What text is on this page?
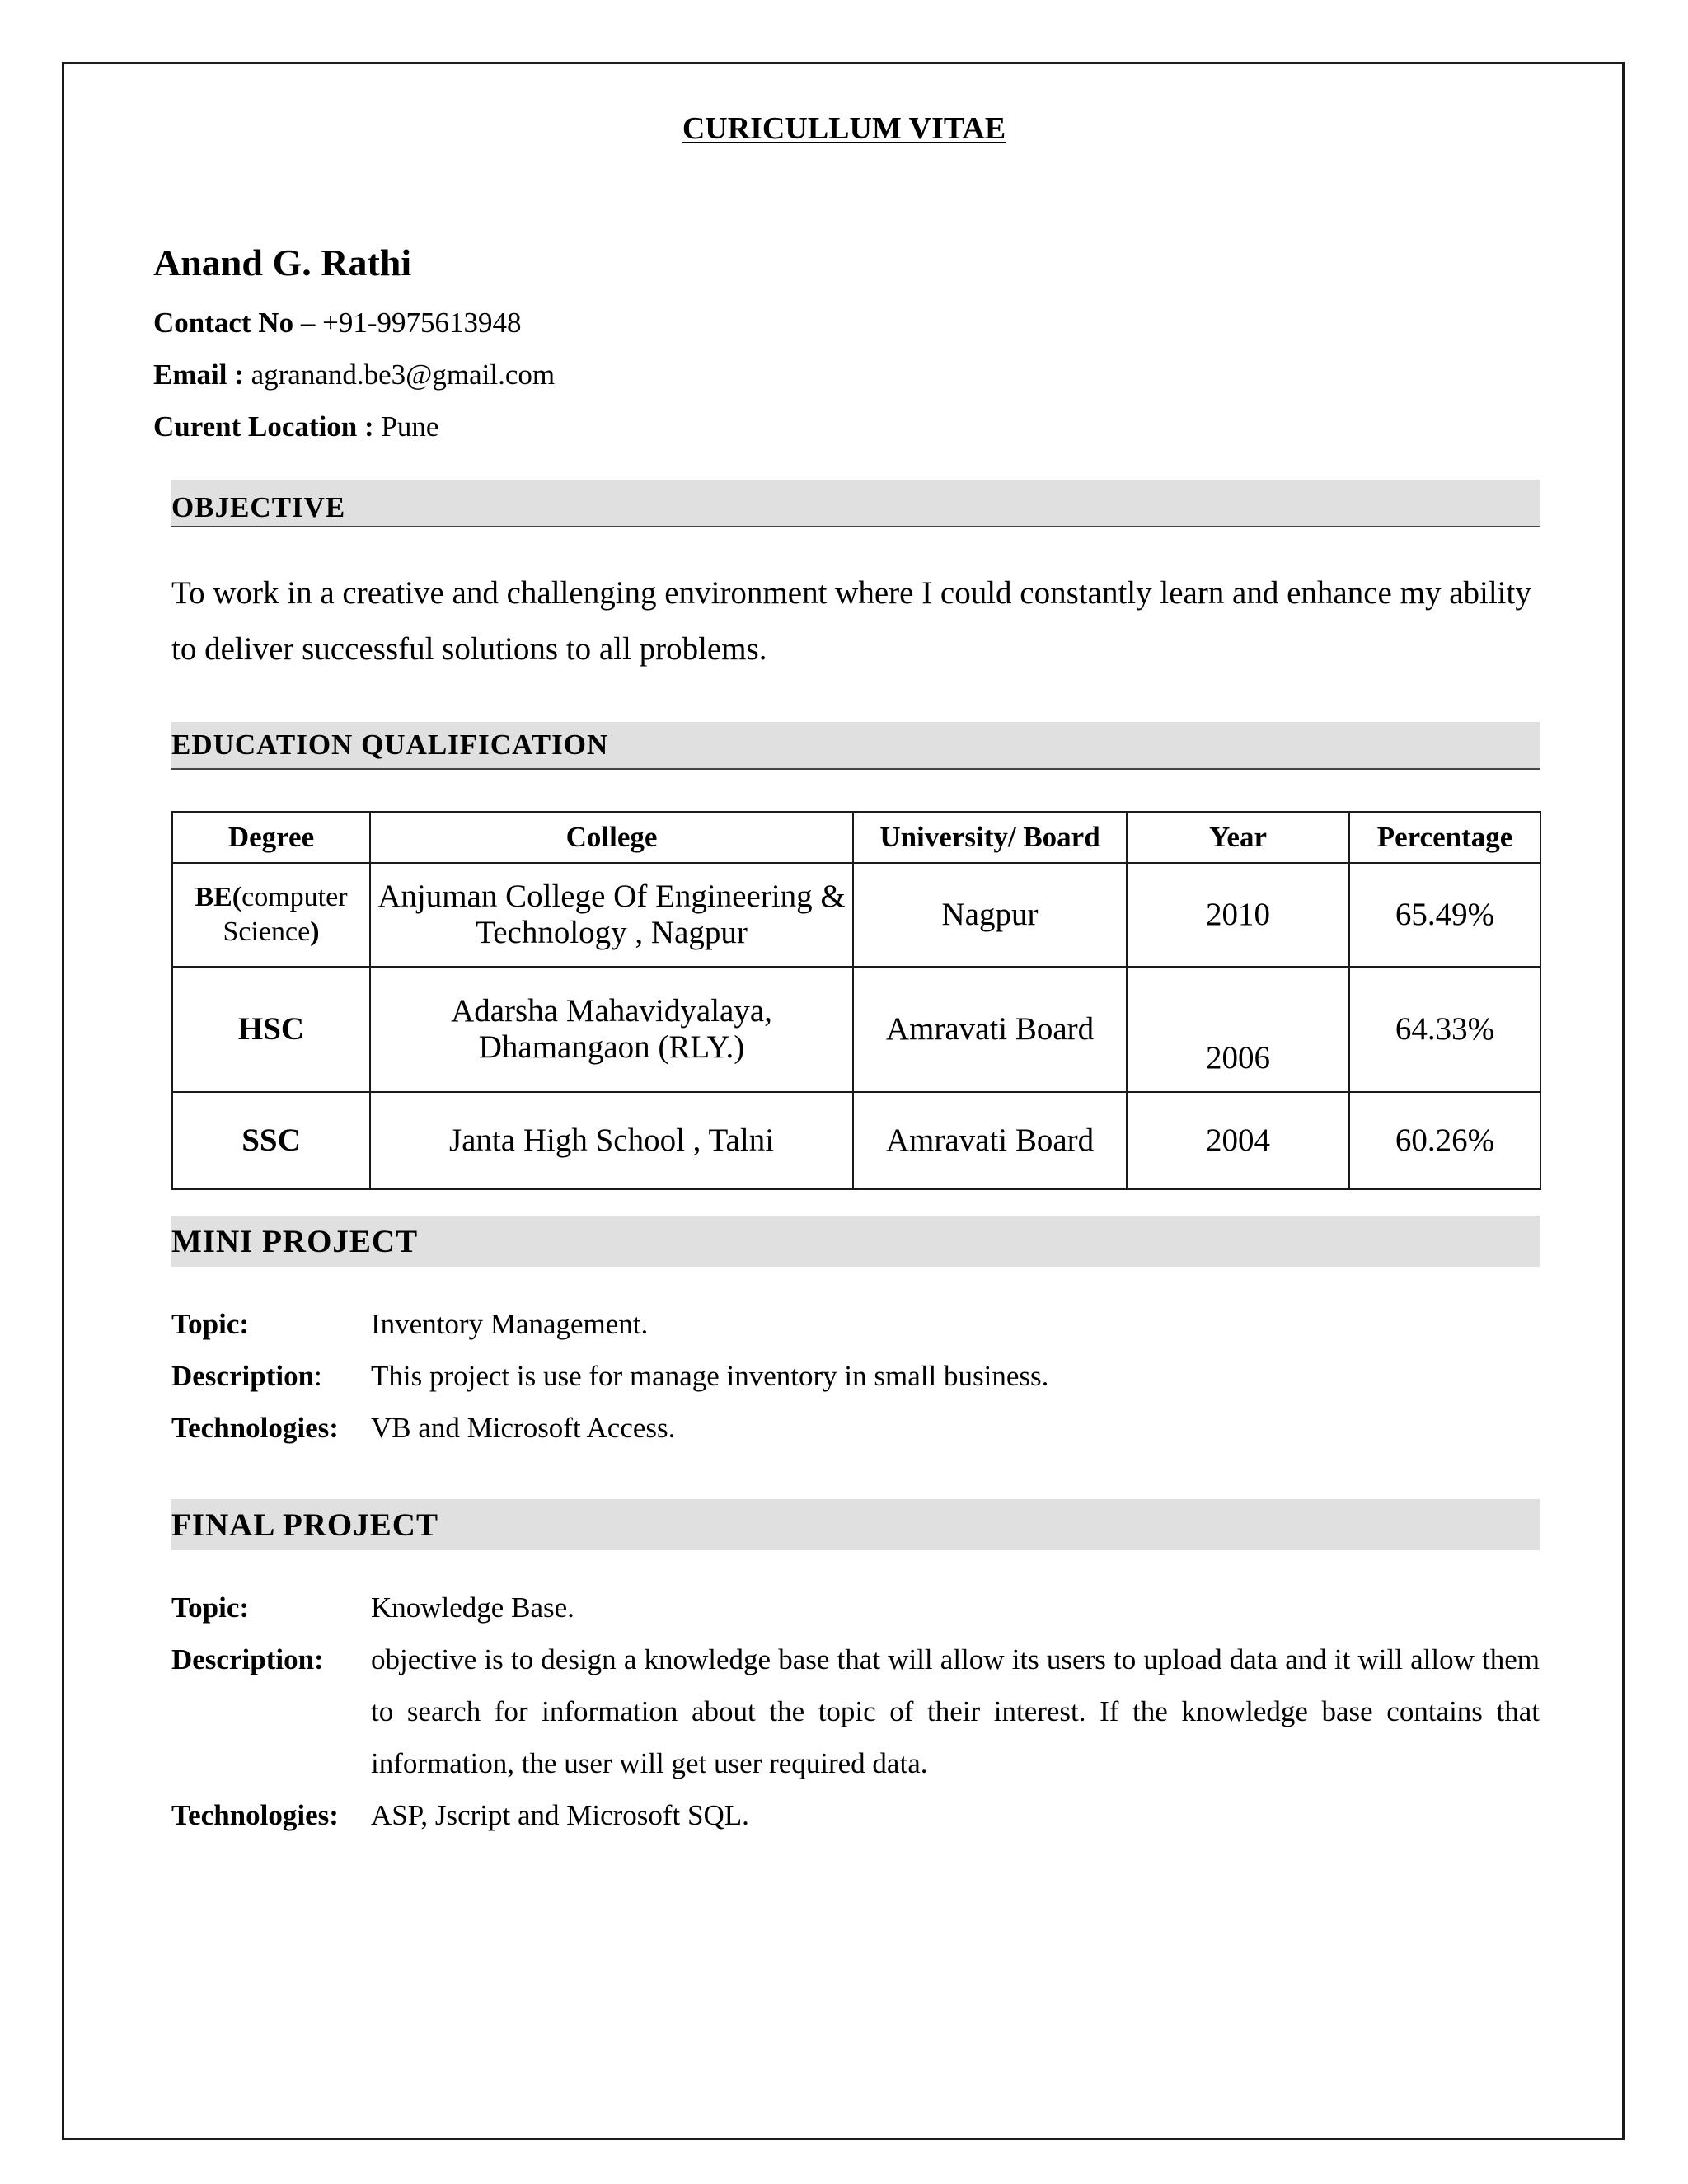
CURICULLUM VITAE
Anand G. Rathi
Contact No – +91-9975613948
Email : agranand.be3@gmail.com
Curent Location : Pune
OBJECTIVE
To work in a creative and challenging environment where I could constantly learn and enhance my ability to deliver successful solutions to all problems.
EDUCATION QUALIFICATION
Degree	College	University/ Board	Year	Percentage
BE(computer Science)	Anjuman College Of Engineering & Technology , Nagpur	Nagpur	2010	65.49%
HSC	Adarsha Mahavidyalaya, Dhamangaon (RLY.)	Amravati Board	2006	64.33%
SSC	Janta High School , Talni	Amravati Board	2004	60.26%
MINI PROJECT
Topic:	Inventory Management.
Description: This project is use for manage inventory in small business.
Technologies: VB and Microsoft Access.
FINAL PROJECT
Topic:	Knowledge Base.
Description: objective is to design a knowledge base that will allow its users to upload data and it will allow them to search for information about the topic of their interest. If the knowledge base contains that information, the user will get user required data.
Technologies: ASP, Jscript and Microsoft SQL.
